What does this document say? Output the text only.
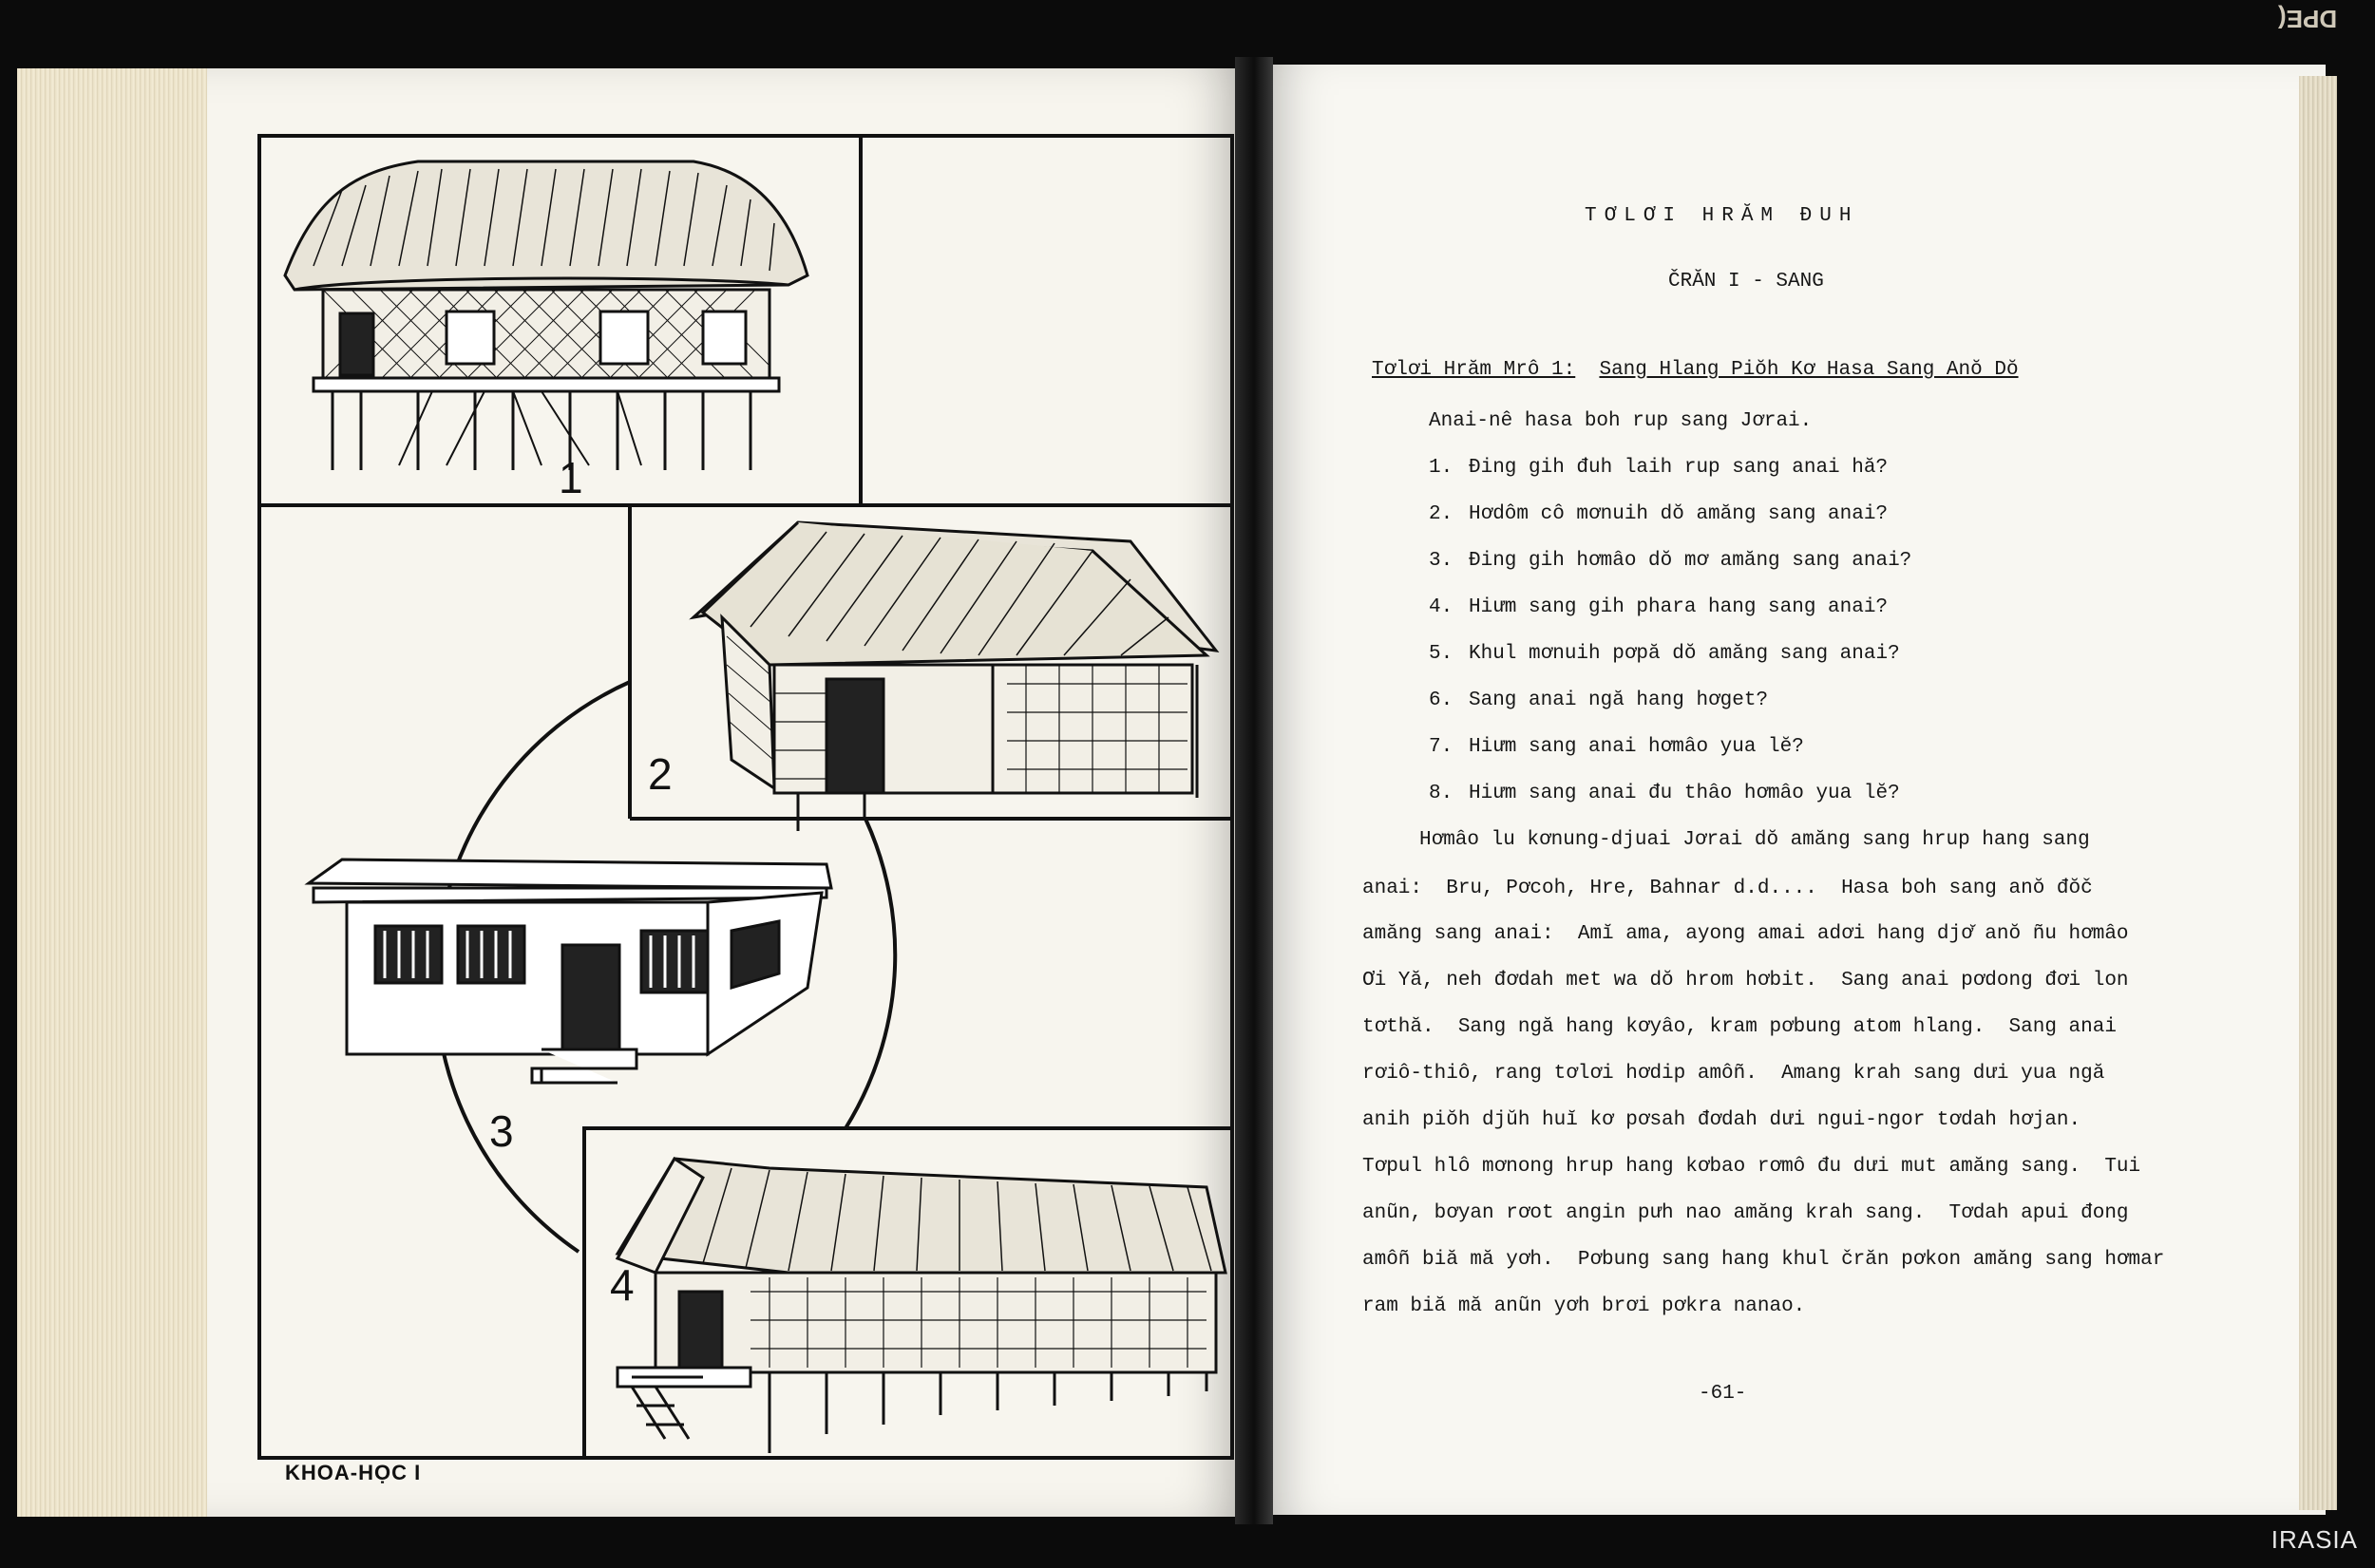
DPE(
1
2
3
4
KHOA-HỌC I

TƠLƠI HRĂM ĐUH
ČRĂN I - SANG
Tơlơi Hrăm Mrô 1: Sang Hlang Piŏh Kơ Hasa Sang Anŏ Dŏ
Anai-nê hasa boh rup sang Jơrai.
1. Đing gih đuh laih rup sang anai hă?
2. Hơdôm cô mơnuih dŏ amăng sang anai?
3. Đing gih hơmâo dŏ mơ amăng sang anai?
4. Hiưm sang gih phara hang sang anai?
5. Khul mơnuih pơpă dŏ amăng sang anai?
6. Sang anai ngă hang hơget?
7. Hiưm sang anai hơmâo yua lĕ?
8. Hiưm sang anai đu thâo hơmâo yua lĕ?
Hơmâo lu kơnung-djuai Jơrai dŏ amăng sang hrup hang sang
anai:  Bru, Pơcoh, Hre, Bahnar d.d....  Hasa boh sang anŏ đŏč
amăng sang anai:  Amĭ ama, ayong amai adơi hang djơ̆ anŏ ñu hơmâo
Ơi Yă, neh đơdah met wa dŏ hrom hơbit.  Sang anai pơdong đơi lon
tơthă.  Sang ngă hang kơyâo, kram pơbung atom hlang.  Sang anai
rơiô-thiô, rang tơlơi hơdip amôñ.  Amang krah sang dưi yua ngă
anih piŏh djŭh huĭ kơ pơsah đơdah dưi ngui-ngor tơdah hơjan.
Tơpul hlô mơnong hrup hang kơbao rơmô đu dưi mut amăng sang.  Tui
anũn, bơyan rơot angin pưh nao amăng krah sang.  Tơdah apui đong
amôñ biă mă yơh.  Pơbung sang hang khul črăn pơkon amăng sang hơmar
ram biă mă anũn yơh brơi pơkra nanao.
-61-
IRASIA
